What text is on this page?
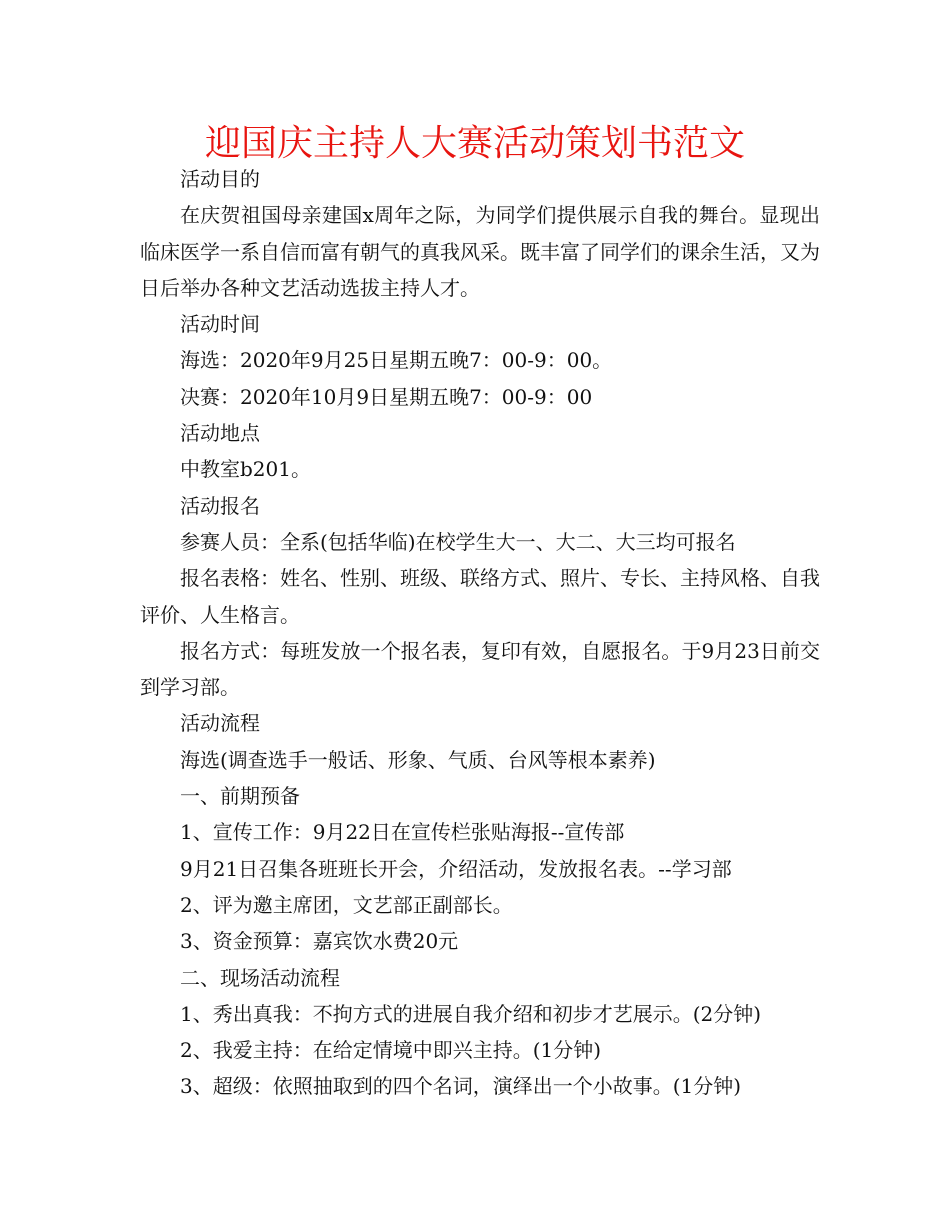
迎国庆主持人大赛活动策划书范文

活动目的

在庆贺祖国母亲建国x周年之际，为同学们提供展示自我的舞台。显现出临床医学一系自信而富有朝气的真我风采。既丰富了同学们的课余生活，又为日后举办各种文艺活动选拔主持人才。

活动时间

海选：2020年9月25日星期五晚7：00-9：00。

决赛：2020年10月9日星期五晚7：00-9：00

活动地点

中教室b201。

活动报名

参赛人员：全系(包括华临)在校学生大一、大二、大三均可报名

报名表格：姓名、性别、班级、联络方式、照片、专长、主持风格、自我评价、人生格言。

报名方式：每班发放一个报名表，复印有效，自愿报名。于9月23日前交到学习部。

活动流程

海选(调查选手一般话、形象、气质、台风等根本素养)

一、前期预备

1、宣传工作：9月22日在宣传栏张贴海报--宣传部

9月21日召集各班班长开会，介绍活动，发放报名表。--学习部

2、评为邀主席团，文艺部正副部长。

3、资金预算：嘉宾饮水费20元

二、现场活动流程

1、秀出真我：不拘方式的进展自我介绍和初步才艺展示。(2分钟)

2、我爱主持：在给定情境中即兴主持。(1分钟)

3、超级：依照抽取到的四个名词，演绎出一个小故事。(1分钟)
